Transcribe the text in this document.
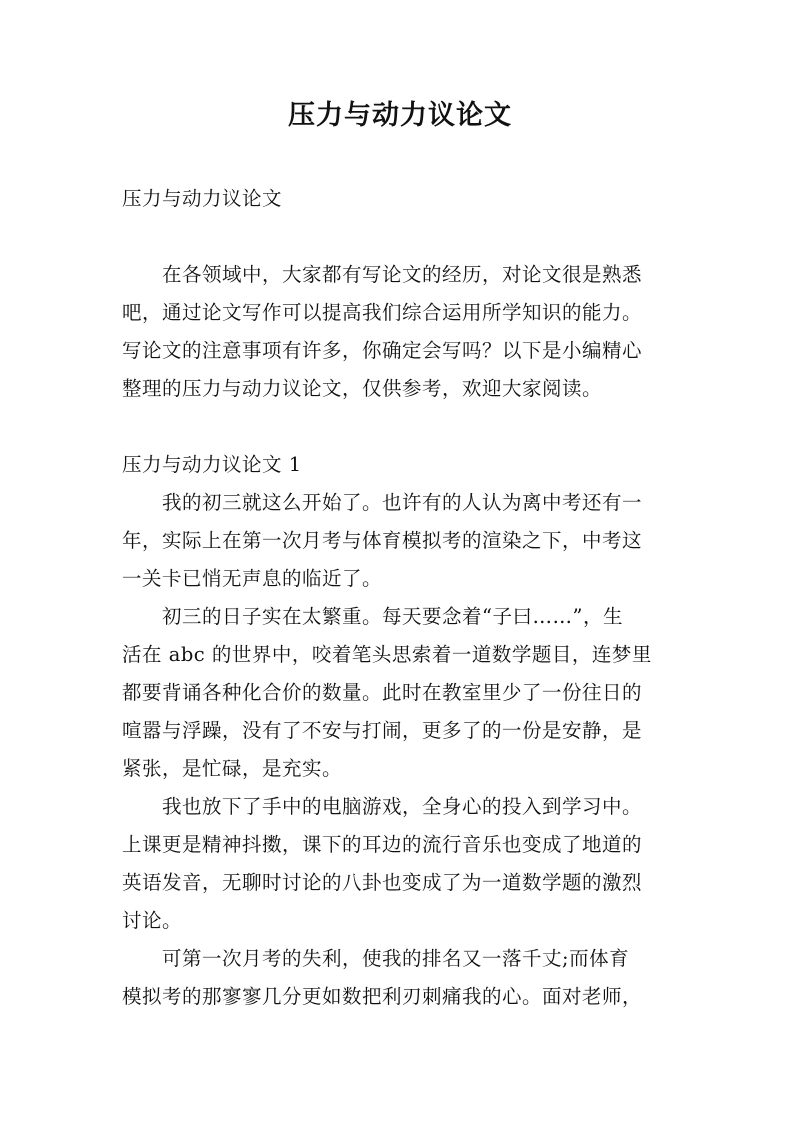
压力与动力议论文

压力与动力议论文

在各领域中，大家都有写论文的经历，对论文很是熟悉
吧，通过论文写作可以提高我们综合运用所学知识的能力。
写论文的注意事项有许多，你确定会写吗？以下是小编精心
整理的压力与动力议论文，仅供参考，欢迎大家阅读。

压力与动力议论文 1

我的初三就这么开始了。也许有的人认为离中考还有一
年，实际上在第一次月考与体育模拟考的渲染之下，中考这
一关卡已悄无声息的临近了。

初三的日子实在太繁重。每天要念着“子曰……”，生
活在 abc 的世界中，咬着笔头思索着一道数学题目，连梦里
都要背诵各种化合价的数量。此时在教室里少了一份往日的
喧嚣与浮躁，没有了不安与打闹，更多了的一份是安静，是
紧张，是忙碌，是充实。

我也放下了手中的电脑游戏，全身心的投入到学习中。
上课更是精神抖擞，课下的耳边的流行音乐也变成了地道的
英语发音，无聊时讨论的八卦也变成了为一道数学题的激烈
讨论。

可第一次月考的失利，使我的排名又一落千丈;而体育
模拟考的那寥寥几分更如数把利刃刺痛我的心。面对老师，
